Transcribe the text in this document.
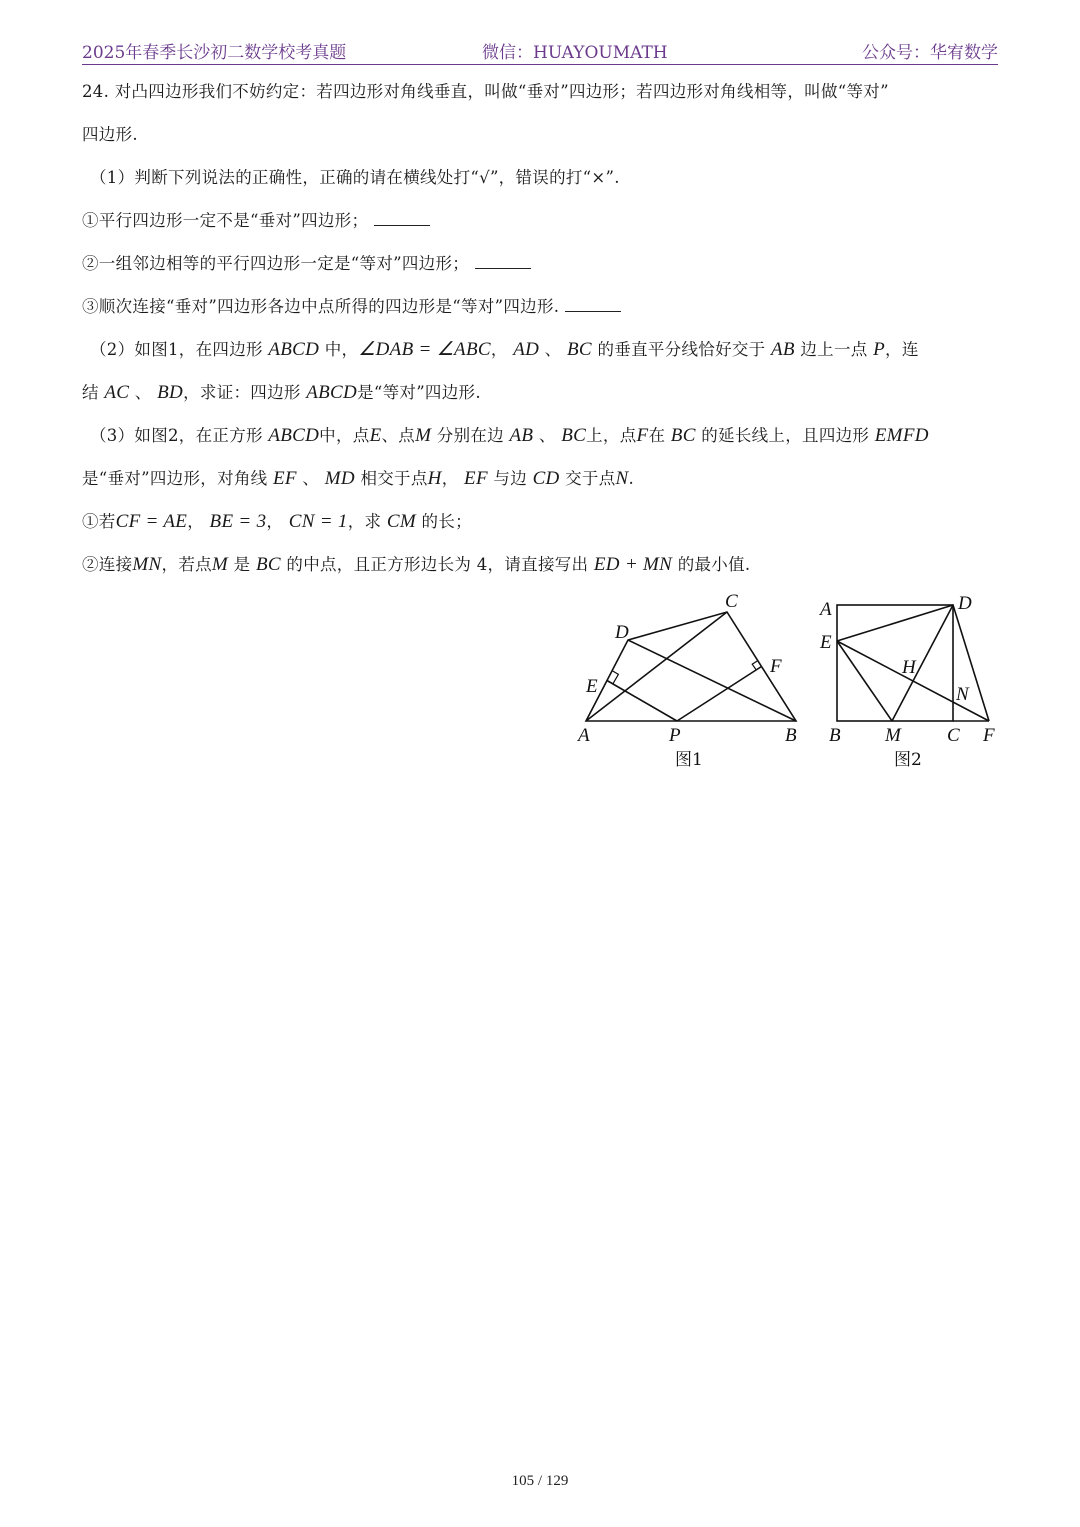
2025年春季长沙初二数学校考真题	微信：HUAYOUMATH	公众号：华宥数学
24. 对凸四边形我们不妨约定：若四边形对角线垂直，叫做“垂对”四边形；若四边形对角线相等，叫做“等对”
四边形.
（1）判断下列说法的正确性，正确的请在横线处打“√”，错误的打“×”.
①平行四边形一定不是“垂对”四边形；
②一组邻边相等的平行四边形一定是“等对”四边形；
③顺次连接“垂对”四边形各边中点所得的四边形是“等对”四边形.
（2）如图1，在四边形 ABCD 中，∠DAB = ∠ABC， AD 、 BC 的垂直平分线恰好交于 AB 边上一点 P，连
结 AC 、 BD，求证：四边形 ABCD是“等对”四边形.
（3）如图2，在正方形 ABCD中，点E、点M 分别在边 AB 、 BC上，点F在 BC 的延长线上，且四边形 EMFD
是“垂对”四边形，对角线 EF 、 MD 相交于点H， EF 与边 CD 交于点N.
①若CF = AE， BE = 3， CN = 1，求 CM 的长；
②连接MN，若点M 是 BC 的中点，且正方形边长为 4，请直接写出 ED + MN 的最小值.
A	B
C
D
E
F
P
图1
A
B	C
D
E
F
H
M
N
图2
105 / 129
